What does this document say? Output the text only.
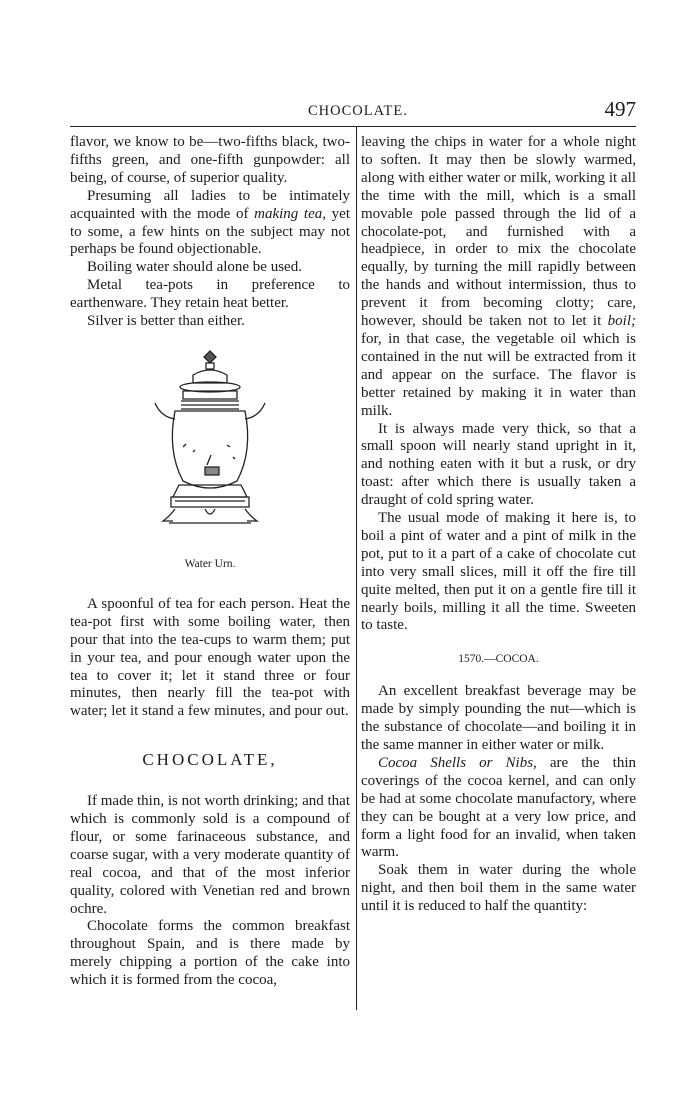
CHOCOLATE.	497

flavor, we know to be—two-fifths black, two-fifths green, and one-fifth gunpowder: all being, of course, of superior quality.

Presuming all ladies to be intimately acquainted with the mode of making tea, yet to some, a few hints on the subject may not perhaps be found objectionable.

Boiling water should alone be used.

Metal tea-pots in preference to earthenware. They retain heat better.

Silver is better than either.

Water Urn.

A spoonful of tea for each person. Heat the tea-pot first with some boiling water, then pour that into the tea-cups to warm them; put in your tea, and pour enough water upon the tea to cover it; let it stand three or four minutes, then nearly fill the tea-pot with water; let it stand a few minutes, and pour out.

CHOCOLATE,

If made thin, is not worth drinking; and that which is commonly sold is a compound of flour, or some farinaceous substance, and coarse sugar, with a very moderate quantity of real cocoa, and that of the most inferior quality, colored with Venetian red and brown ochre.

Chocolate forms the common breakfast throughout Spain, and is there made by merely chipping a portion of the cake into which it is formed from the cocoa,

leaving the chips in water for a whole night to soften. It may then be slowly warmed, along with either water or milk, working it all the time with the mill, which is a small movable pole passed through the lid of a chocolate-pot, and furnished with a headpiece, in order to mix the chocolate equally, by turning the mill rapidly between the hands and without intermission, thus to prevent it from becoming clotty; care, however, should be taken not to let it boil; for, in that case, the vegetable oil which is contained in the nut will be extracted from it and appear on the surface. The flavor is better retained by making it in water than milk.

It is always made very thick, so that a small spoon will nearly stand upright in it, and nothing eaten with it but a rusk, or dry toast: after which there is usually taken a draught of cold spring water.

The usual mode of making it here is, to boil a pint of water and a pint of milk in the pot, put to it a part of a cake of chocolate cut into very small slices, mill it off the fire till quite melted, then put it on a gentle fire till it nearly boils, milling it all the time. Sweeten to taste.

1570.—COCOA.

An excellent breakfast beverage may be made by simply pounding the nut—which is the substance of chocolate—and boiling it in the same manner in either water or milk.

Cocoa Shells or Nibs, are the thin coverings of the cocoa kernel, and can only be had at some chocolate manufactory, where they can be bought at a very low price, and form a light food for an invalid, when taken warm.

Soak them in water during the whole night, and then boil them in the same water until it is reduced to half the quantity:
